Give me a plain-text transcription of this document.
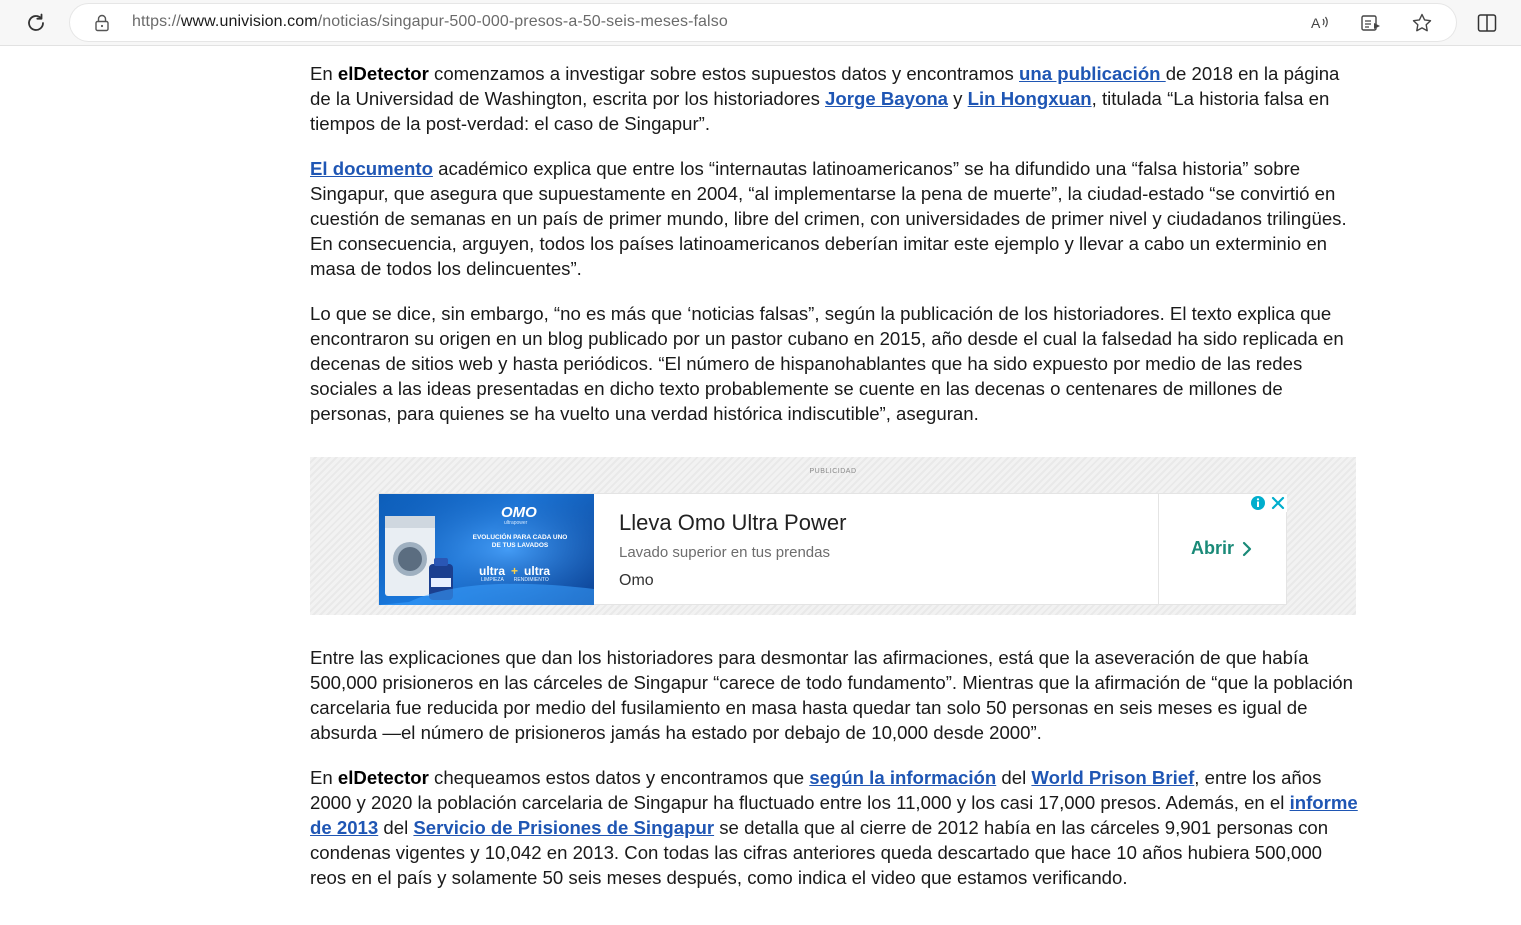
https://www.univision.com/noticias/singapur-500-000-presos-a-50-seis-meses-falso	A

En elDetector comenzamos a investigar sobre estos supuestos datos y encontramos una publicación de 2018 en la página de la Universidad de Washington, escrita por los historiadores Jorge Bayona y Lin Hongxuan, titulada “La historia falsa en tiempos de la post-verdad: el caso de Singapur”.

El documento académico explica que entre los “internautas latinoamericanos” se ha difundido una “falsa historia” sobre Singapur, que asegura que supuestamente en 2004, “al implementarse la pena de muerte”, la ciudad-estado “se convirtió en cuestión de semanas en un país de primer mundo, libre del crimen, con universidades de primer nivel y ciudadanos trilingües. En consecuencia, arguyen, todos los países latinoamericanos deberían imitar este ejemplo y llevar a cabo un exterminio en masa de todos los delincuentes”.

Lo que se dice, sin embargo, “no es más que ‘noticias falsas”, según la publicación de los historiadores. El texto explica que encontraron su origen en un blog publicado por un pastor cubano en 2015, año desde el cual la falsedad ha sido replicada en decenas de sitios web y hasta periódicos. “El número de hispanohablantes que ha sido expuesto por medio de las redes sociales a las ideas presentadas en dicho texto probablemente se cuente en las decenas o centenares de millones de personas, para quienes se ha vuelto una verdad histórica indiscutible”, aseguran.

PUBLICIDAD
OMO
ultrapower
EVOLUCIÓN PARA CADA UNO DE TUS LAVADOS
ultra + ultra
LIMPIEZA RENDIMIENTO
Lleva Omo Ultra Power
Lavado superior en tus prendas
Omo
Abrir

Entre las explicaciones que dan los historiadores para desmontar las afirmaciones, está que la aseveración de que había 500,000 prisioneros en las cárceles de Singapur “carece de todo fundamento”. Mientras que la afirmación de “que la población carcelaria fue reducida por medio del fusilamiento en masa hasta quedar tan solo 50 personas en seis meses es igual de absurda —el número de prisioneros jamás ha estado por debajo de 10,000 desde 2000”.

En elDetector chequeamos estos datos y encontramos que según la información del World Prison Brief, entre los años 2000 y 2020 la población carcelaria de Singapur ha fluctuado entre los 11,000 y los casi 17,000 presos. Además, en el informe de 2013 del Servicio de Prisiones de Singapur se detalla que al cierre de 2012 había en las cárceles 9,901 personas con condenas vigentes y 10,042 en 2013. Con todas las cifras anteriores queda descartado que hace 10 años hubiera 500,000 reos en el país y solamente 50 seis meses después, como indica el video que estamos verificando.
